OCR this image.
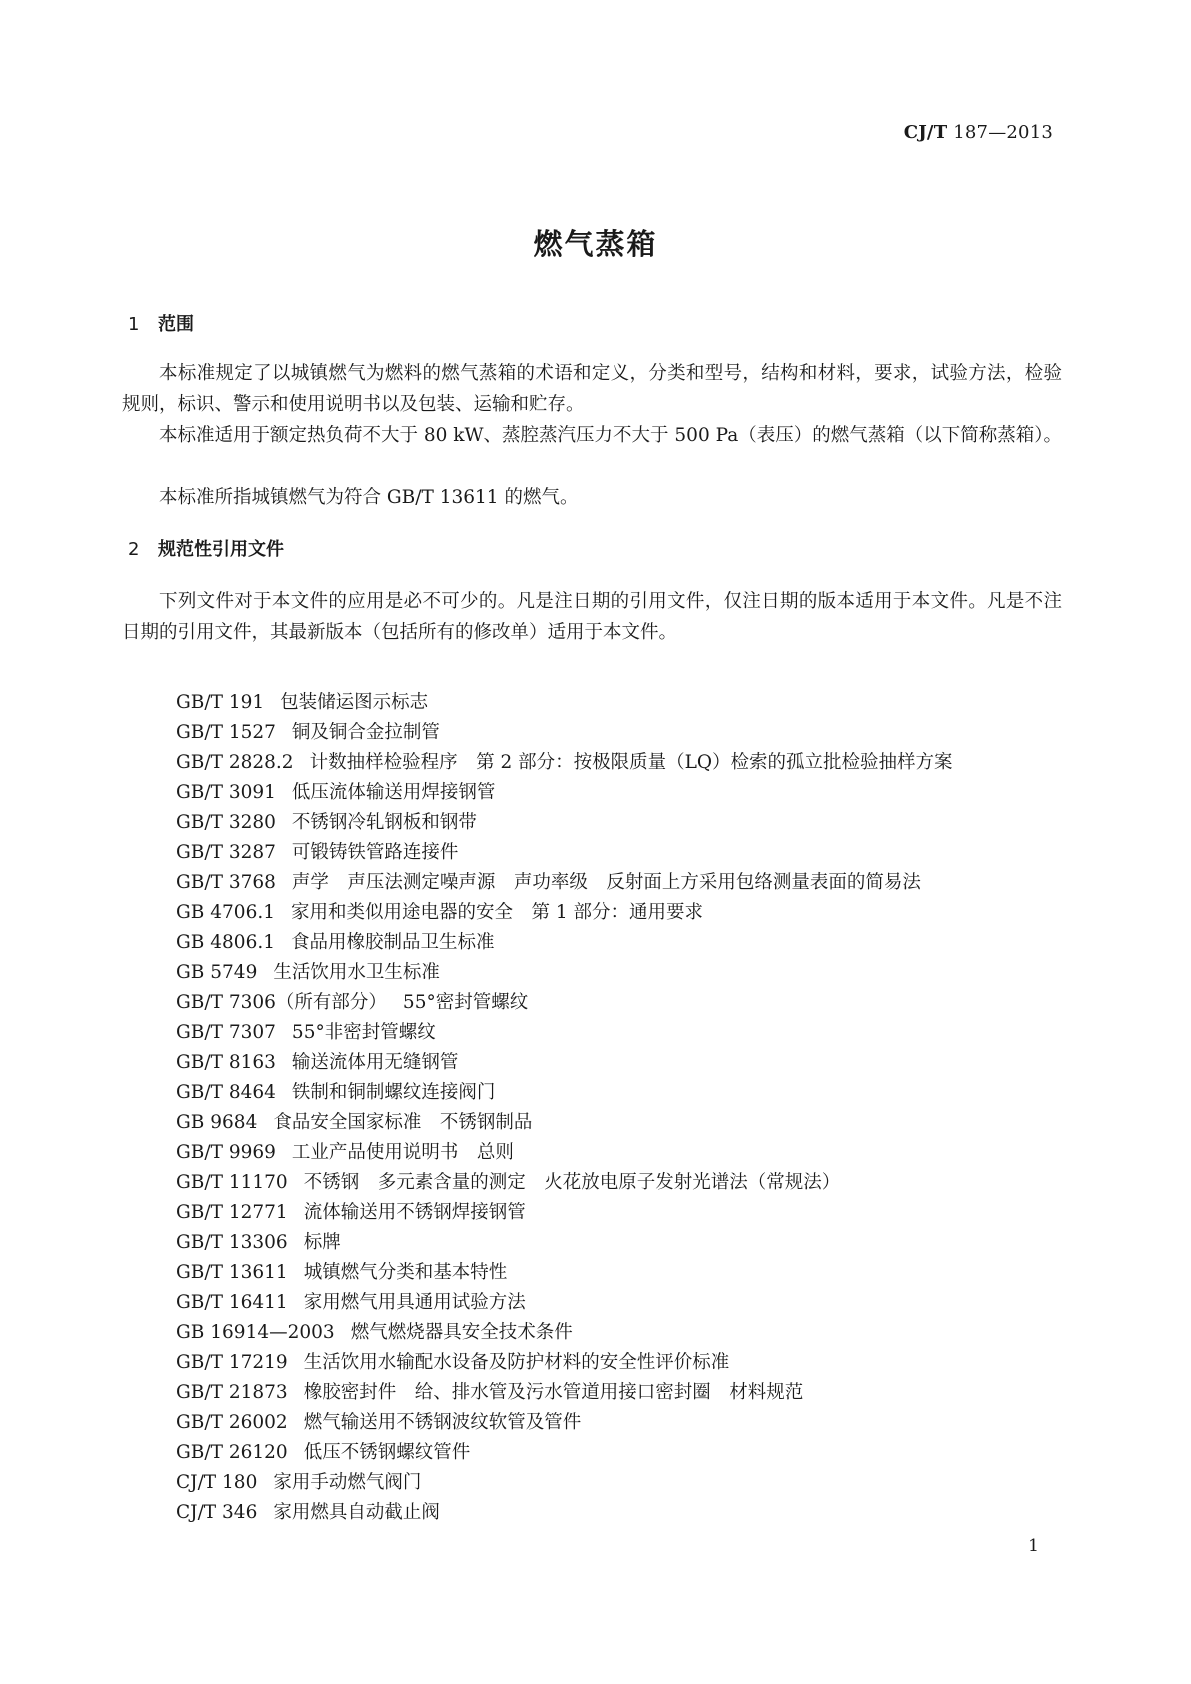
CJ/T 187—2013
燃气蒸箱
1 范围

本标准规定了以城镇燃气为燃料的燃气蒸箱的术语和定义，分类和型号，结构和材料，要求，试验方法，检验规则，标识、警示和使用说明书以及包装、运输和贮存。

本标准适用于额定热负荷不大于 80 kW、蒸腔蒸汽压力不大于 500 Pa（表压）的燃气蒸箱（以下简称蒸箱）。

本标准所指城镇燃气为符合 GB/T 13611 的燃气。

2 规范性引用文件

下列文件对于本文件的应用是必不可少的。凡是注日期的引用文件，仅注日期的版本适用于本文件。凡是不注日期的引用文件，其最新版本（包括所有的修改单）适用于本文件。

GB/T 191 包装储运图示标志
GB/T 1527 铜及铜合金拉制管
GB/T 2828.2 计数抽样检验程序　第 2 部分：按极限质量（LQ）检索的孤立批检验抽样方案
GB/T 3091 低压流体输送用焊接钢管
GB/T 3280 不锈钢冷轧钢板和钢带
GB/T 3287 可锻铸铁管路连接件
GB/T 3768 声学　声压法测定噪声源　声功率级　反射面上方采用包络测量表面的简易法
GB 4706.1 家用和类似用途电器的安全　第 1 部分：通用要求
GB 4806.1 食品用橡胶制品卫生标准
GB 5749 生活饮用水卫生标准
GB/T 7306（所有部分） 55°密封管螺纹
GB/T 7307 55°非密封管螺纹
GB/T 8163 输送流体用无缝钢管
GB/T 8464 铁制和铜制螺纹连接阀门
GB 9684 食品安全国家标准　不锈钢制品
GB/T 9969 工业产品使用说明书　总则
GB/T 11170 不锈钢　多元素含量的测定　火花放电原子发射光谱法（常规法）
GB/T 12771 流体输送用不锈钢焊接钢管
GB/T 13306 标牌
GB/T 13611 城镇燃气分类和基本特性
GB/T 16411 家用燃气用具通用试验方法
GB 16914—2003 燃气燃烧器具安全技术条件
GB/T 17219 生活饮用水输配水设备及防护材料的安全性评价标准
GB/T 21873 橡胶密封件　给、排水管及污水管道用接口密封圈　材料规范
GB/T 26002 燃气输送用不锈钢波纹软管及管件
GB/T 26120 低压不锈钢螺纹管件
CJ/T 180 家用手动燃气阀门
CJ/T 346 家用燃具自动截止阀
1
